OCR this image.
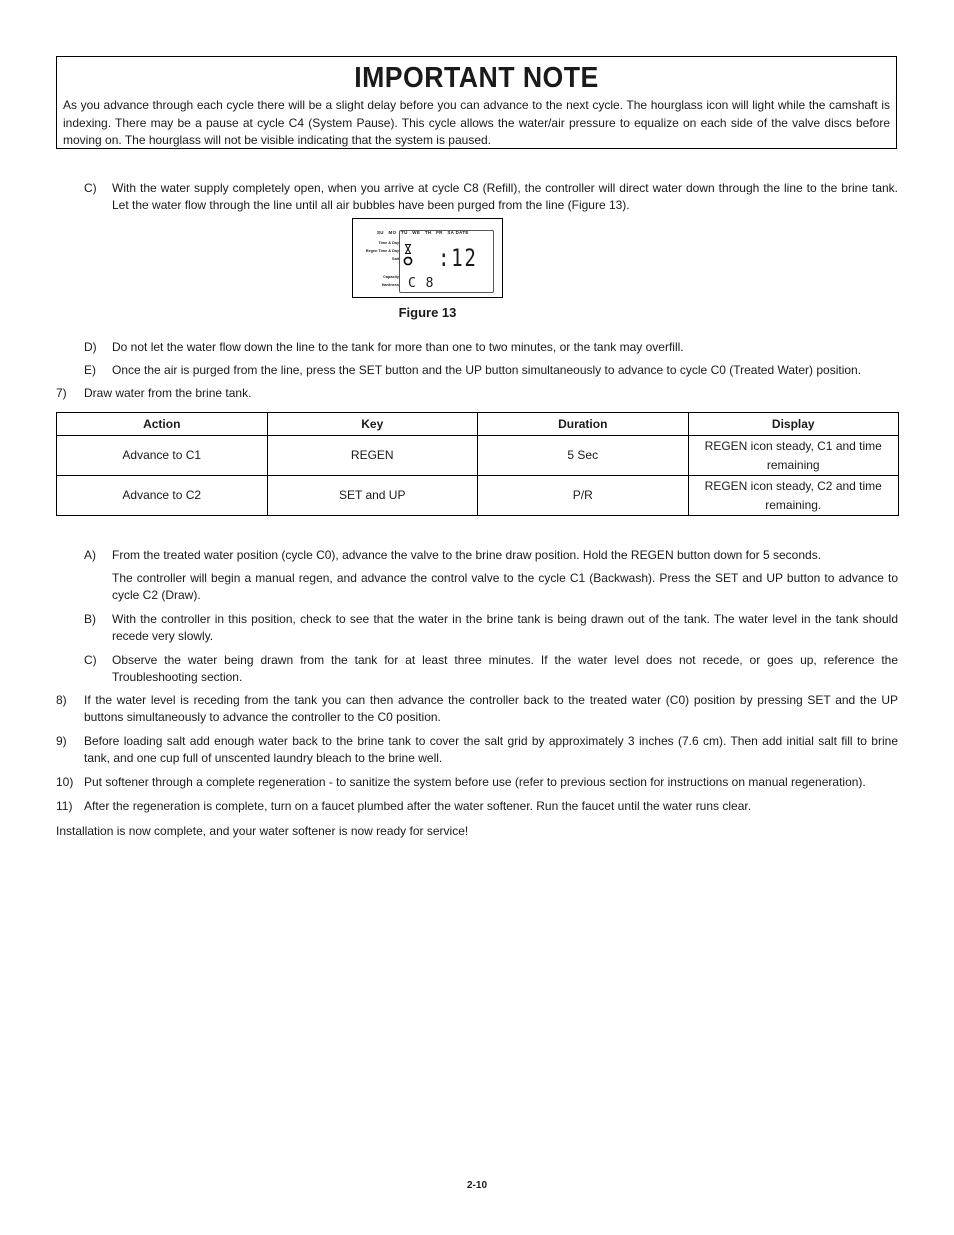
IMPORTANT NOTE
As you advance through each cycle there will be a slight delay before you can advance to the next cycle. The hourglass icon will light while the camshaft is indexing. There may be a pause at cycle C4 (System Pause). This cycle allows the water/air pressure to equalize on each side of the valve discs before moving on. The hourglass will not be visible indicating that the system is paused.
C) With the water supply completely open, when you arrive at cycle C8 (Refill), the controller will direct water down through the line to the brine tank. Let the water flow through the line until all air bubbles have been purged from the line (Figure 13).
SU MO TU WE TH FR SA DATE
Time & Day
Regen Time & Day
Salt
Capacity
Hardness
:12
C 8
Figure 13
D) Do not let the water flow down the line to the tank for more than one to two minutes, or the tank may overfill.
E) Once the air is purged from the line, press the SET button and the UP button simultaneously to advance to cycle C0 (Treated Water) position.
7) Draw water from the brine tank.
Action	Key	Duration	Display
Advance to C1	REGEN	5 Sec	REGEN icon steady, C1 and time remaining
Advance to C2	SET and UP	P/R	REGEN icon steady, C2 and time remaining.
A) From the treated water position (cycle C0), advance the valve to the brine draw position. Hold the REGEN button down for 5 seconds.
The controller will begin a manual regen, and advance the control valve to the cycle C1 (Backwash). Press the SET and UP button to advance to cycle C2 (Draw).
B) With the controller in this position, check to see that the water in the brine tank is being drawn out of the tank. The water level in the tank should recede very slowly.
C) Observe the water being drawn from the tank for at least three minutes. If the water level does not recede, or goes up, reference the Troubleshooting section.
8) If the water level is receding from the tank you can then advance the controller back to the treated water (C0) position by pressing SET and the UP buttons simultaneously to advance the controller to the C0 position.
9) Before loading salt add enough water back to the brine tank to cover the salt grid by approximately 3 inches (7.6 cm). Then add initial salt fill to brine tank, and one cup full of unscented laundry bleach to the brine well.
10) Put softener through a complete regeneration - to sanitize the system before use (refer to previous section for instructions on manual regeneration).
11) After the regeneration is complete, turn on a faucet plumbed after the water softener. Run the faucet until the water runs clear.
Installation is now complete, and your water softener is now ready for service!
2-10
